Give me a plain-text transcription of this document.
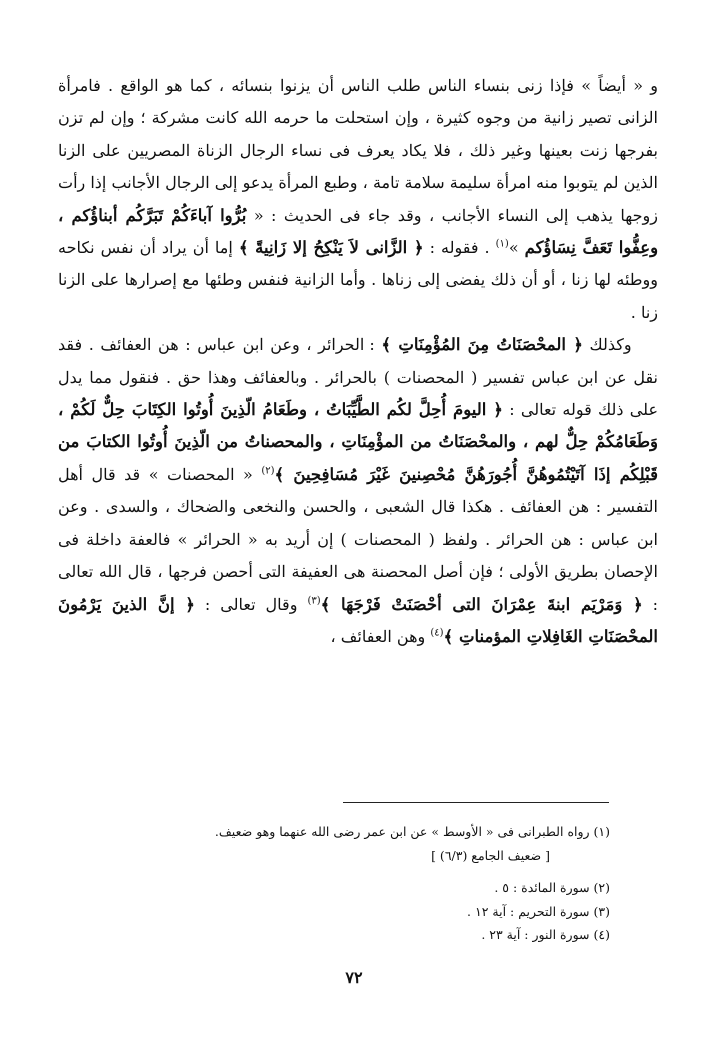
و « أيضاً » فإذا زنى بنساء الناس طلب الناس أن يزنوا بنسائه ، كما هو الواقع . فامرأة الزانى تصير زانية من وجوه كثيرة ، وإن استحلت ما حرمه الله كانت مشركة ؛ وإن لم تزن بفرجها زنت بعينها وغير ذلك ، فلا يكاد يعرف فى نساء الرجال الزناة المصريين على الزنا الذين لم يتوبوا منه امرأة سليمة سلامة تامة ، وطبع المرأة يدعو إلى الرجال الأجانب إذا رأت زوجها يذهب إلى النساء الأجانب ، وقد جاء فى الحديث : « بُرُّوا آباءَكُمْ تَبَرَّكُم أبناؤُكم ، وعِفُّوا تَعَفَّ نِسَاؤُكم »$^{(١)}$ . فقوله : ﴿ الزَّانى لاَ يَنْكِحُ إلا زَانِيةً ﴾ إما أن يراد أن نفس نكاحه ووطئه لها زنا ، أو أن ذلك يفضى إلى زناها . وأما الزانية فنفس وطئها مع إصرارها على الزنا زنا .

وكذلك ﴿ المحْصَنَاتُ مِنَ المُؤْمِنَاتِ ﴾ : الحرائر ، وعن ابن عباس : هن العفائف . فقد نقل عن ابن عباس تفسير ( المحصنات ) بالحرائر . وبالعفائف وهذا حق . فنقول مما يدل على ذلك قوله تعالى : ﴿ اليومَ أُحِلَّ لكُم الطَّيِّبَاتُ ، وطَعَامُ الّذِينَ أُوتُوا الكِتَابَ حِلٌّ لَكُمْ ، وَطَعَامُكُمْ حِلٌّ لهم ، والمحْصَنَاتُ من المؤْمِنَاتِ ، والمحصناتُ من الّذِينَ أُوتُوا الكتابَ من قَبْلِكُم إذَا آتَيْتُمُوهُنَّ أُجُورَهُنَّ مُحْصِنينَ غَيْرَ مُسَافِحِينَ ﴾$^{(٢)}$ « المحصنات » قد قال أهل التفسير : هن العفائف . هكذا قال الشعبى ، والحسن والنخعى والضحاك ، والسدى . وعن ابن عباس : هن الحرائر . ولفظ ( المحصنات ) إن أريد به « الحرائر » فالعفة داخلة فى الإحصان بطريق الأولى ؛ فإن أصل المحصنة هى العفيفة التى أحصن فرجها ، قال الله تعالى : ﴿ وَمَرْيَم ابنةَ عِمْرَانَ التى أحْصَنَتْ فَرْجَهَا ﴾$^{(٣)}$ وقال تعالى : ﴿ إنَّ الذينَ يَرْمُونَ المحْصَنَاتِ الغَافِلاتِ المؤمناتِ ﴾$^{(٤)}$ وهن العفائف ،

(١) رواه الطبرانى فى « الأوسط » عن ابن عمر رضى الله عنهما وهو ضعيف.
[ ضعيف الجامع (٦/٣) ]
(٢) سورة المائدة : ٥ .
(٣) سورة التحريم : آية ١٢ .
(٤) سورة النور : آية ٢٣ .
٧٢
